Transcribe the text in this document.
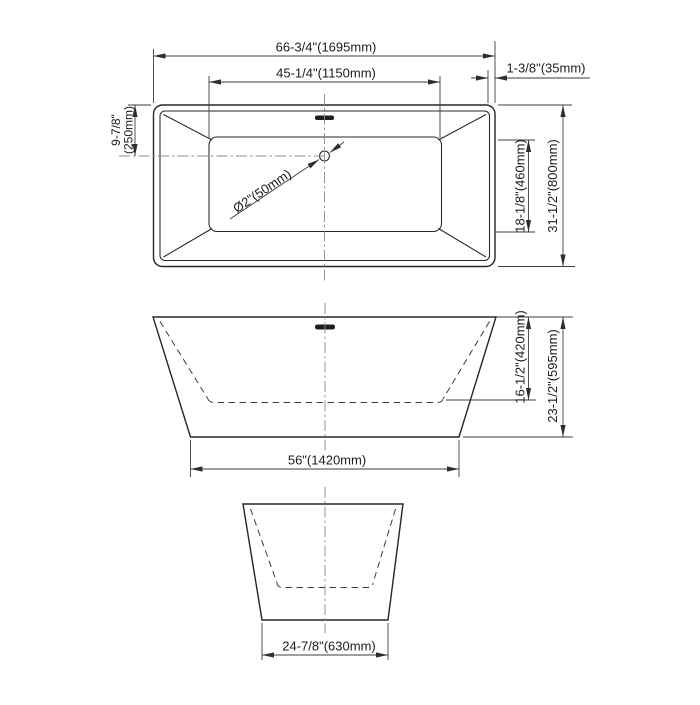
66-3/4"(1695mm)
45-1/4"(1150mm)	1-3/8"(35mm)
9-7/8"
(250mm)
Ø2"(50mm)	18-1/8"(460mm) 31-1/2"(800mm)
16-1/2"(420mm) 23-1/2"(595mm)
56"(1420mm)
24-7/8"(630mm)
